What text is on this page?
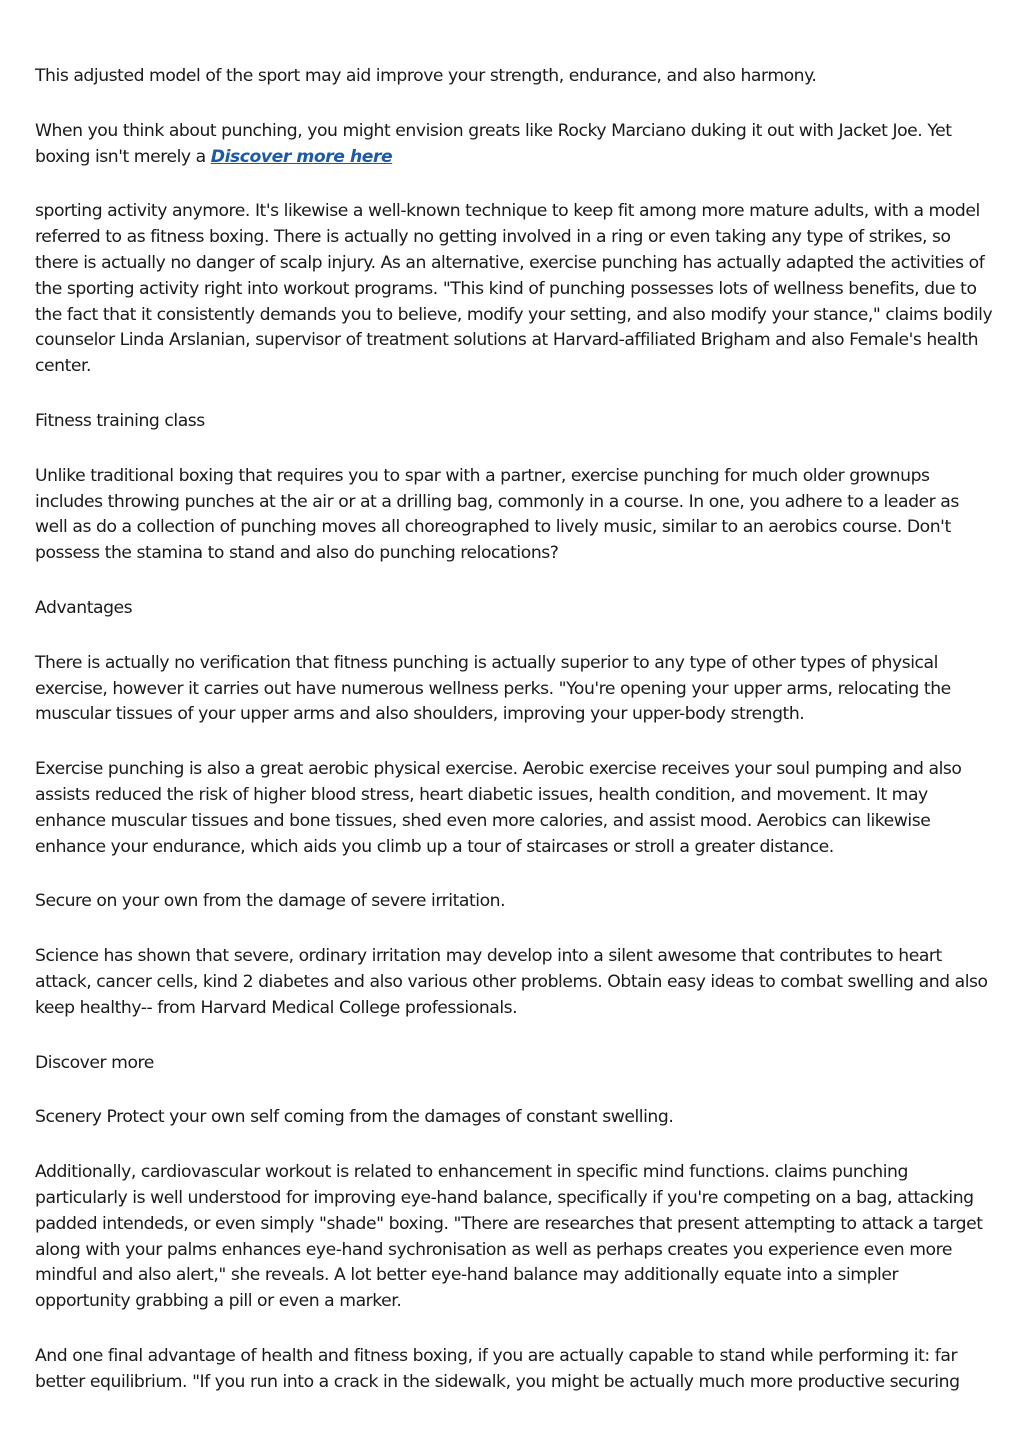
This adjusted model of the sport may aid improve your strength, endurance, and also harmony.

When you think about punching, you might envision greats like Rocky Marciano duking it out with Jacket Joe. Yet boxing isn't merely a Discover more here

sporting activity anymore. It's likewise a well-known technique to keep fit among more mature adults, with a model referred to as fitness boxing. There is actually no getting involved in a ring or even taking any type of strikes, so there is actually no danger of scalp injury. As an alternative, exercise punching has actually adapted the activities of the sporting activity right into workout programs. "This kind of punching possesses lots of wellness benefits, due to the fact that it consistently demands you to believe, modify your setting, and also modify your stance," claims bodily counselor Linda Arslanian, supervisor of treatment solutions at Harvard-affiliated Brigham and also Female's health center.

Fitness training class

Unlike traditional boxing that requires you to spar with a partner, exercise punching for much older grownups includes throwing punches at the air or at a drilling bag, commonly in a course. In one, you adhere to a leader as well as do a collection of punching moves all choreographed to lively music, similar to an aerobics course. Don't possess the stamina to stand and also do punching relocations?

Advantages

There is actually no verification that fitness punching is actually superior to any type of other types of physical exercise, however it carries out have numerous wellness perks. "You're opening your upper arms, relocating the muscular tissues of your upper arms and also shoulders, improving your upper-body strength.

Exercise punching is also a great aerobic physical exercise. Aerobic exercise receives your soul pumping and also assists reduced the risk of higher blood stress, heart diabetic issues, health condition, and movement. It may enhance muscular tissues and bone tissues, shed even more calories, and assist mood. Aerobics can likewise enhance your endurance, which aids you climb up a tour of staircases or stroll a greater distance.

Secure on your own from the damage of severe irritation.

Science has shown that severe, ordinary irritation may develop into a silent awesome that contributes to heart attack, cancer cells, kind 2 diabetes and also various other problems. Obtain easy ideas to combat swelling and also keep healthy-- from Harvard Medical College professionals.

Discover more

Scenery Protect your own self coming from the damages of constant swelling.

Additionally, cardiovascular workout is related to enhancement in specific mind functions. claims punching particularly is well understood for improving eye-hand balance, specifically if you're competing on a bag, attacking padded intendeds, or even simply "shade" boxing. "There are researches that present attempting to attack a target along with your palms enhances eye-hand sychronisation as well as perhaps creates you experience even more mindful and also alert," she reveals. A lot better eye-hand balance may additionally equate into a simpler opportunity grabbing a pill or even a marker.

And one final advantage of health and fitness boxing, if you are actually capable to stand while performing it: far better equilibrium. "If you run into a crack in the sidewalk, you might be actually much more productive securing
